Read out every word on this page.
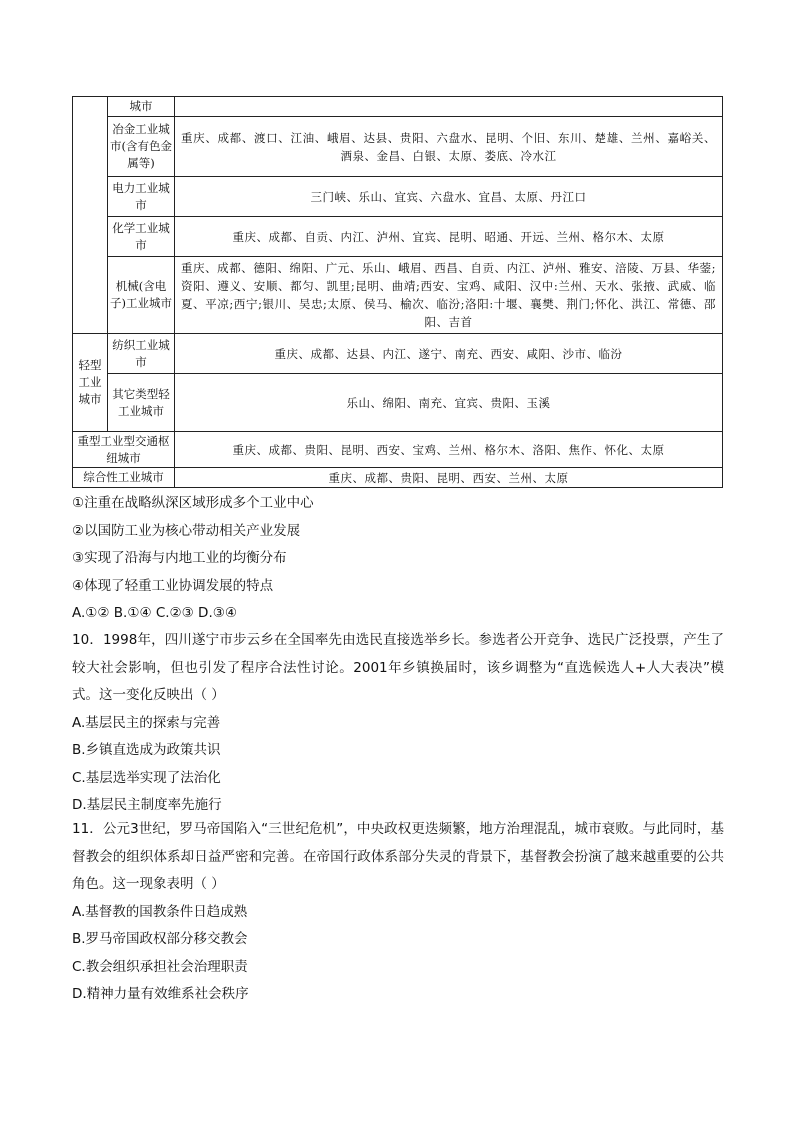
	城市	
	冶金工业城市(含有色金属等)	重庆、成都、渡口、江油、峨眉、达县、贵阳、六盘水、昆明、个旧、东川、楚雄、兰州、嘉峪关、酒泉、金昌、白银、太原、娄底、冷水江
	电力工业城市	三门峡、乐山、宜宾、六盘水、宜昌、太原、丹江口
	化学工业城市	重庆、成都、自贡、内江、泸州、宜宾、昆明、昭通、开远、兰州、格尔木、太原
	机械(含电子)工业城市	重庆、成都、德阳、绵阳、广元、乐山、峨眉、西昌、自贡、内江、泸州、雅安、涪陵、万县、华蓥;资阳、遵义、安顺、都匀、凯里;昆明、曲靖;西安、宝鸡、咸阳、汉中:兰州、天水、张掖、武威、临夏、平凉;西宁;银川、吴忠;太原、侯马、榆次、临汾;洛阳:十堰、襄樊、荆门;怀化、洪江、常德、邵阳、吉首
轻型工业城市	纺织工业城市	重庆、成都、达县、内江、遂宁、南充、西安、咸阳、沙市、临汾
	其它类型轻工业城市	乐山、绵阳、南充、宜宾、贵阳、玉溪
重型工业型交通枢纽城市		重庆、成都、贵阳、昆明、西安、宝鸡、兰州、格尔木、洛阳、焦作、怀化、太原
综合性工业城市		重庆、成都、贵阳、昆明、西安、兰州、太原
①注重在战略纵深区域形成多个工业中心
②以国防工业为核心带动相关产业发展
③实现了沿海与内地工业的均衡分布
④体现了轻重工业协调发展的特点
A.①② B.①④ C.②③ D.③④
10．1998年，四川遂宁市步云乡在全国率先由选民直接选举乡长。参选者公开竞争、选民广泛投票，产生了较大社会影响，但也引发了程序合法性讨论。2001年乡镇换届时，该乡调整为“直选候选人+人大表决”模式。这一变化反映出（ ）
A.基层民主的探索与完善
B.乡镇直选成为政策共识
C.基层选举实现了法治化
D.基层民主制度率先施行
11．公元3世纪，罗马帝国陷入“三世纪危机”，中央政权更迭频繁，地方治理混乱，城市衰败。与此同时，基督教会的组织体系却日益严密和完善。在帝国行政体系部分失灵的背景下，基督教会扮演了越来越重要的公共角色。这一现象表明（ ）
A.基督教的国教条件日趋成熟
B.罗马帝国政权部分移交教会
C.教会组织承担社会治理职责
D.精神力量有效维系社会秩序
